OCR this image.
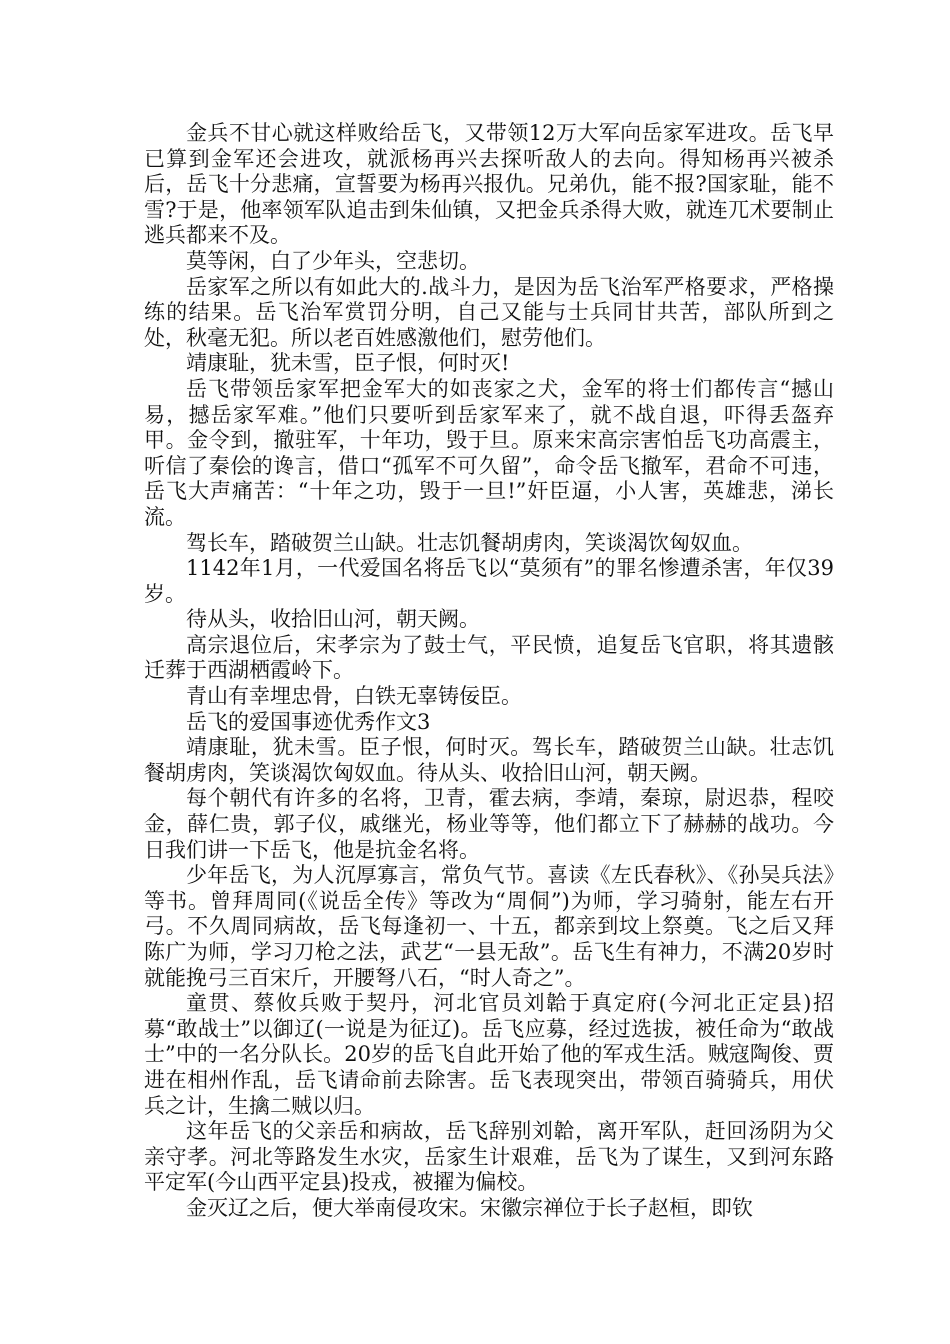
金兵不甘心就这样败给岳飞，又带领12万大军向岳家军进攻。岳飞早已算到金军还会进攻，就派杨再兴去探听敌人的去向。得知杨再兴被杀后，岳飞十分悲痛，宣誓要为杨再兴报仇。兄弟仇，能不报?国家耻，能不雪?于是，他率领军队追击到朱仙镇，又把金兵杀得大败，就连兀术要制止逃兵都来不及。

莫等闲，白了少年头，空悲切。

岳家军之所以有如此大的.战斗力，是因为岳飞治军严格要求，严格操练的结果。岳飞治军赏罚分明，自己又能与士兵同甘共苦，部队所到之处，秋毫无犯。所以老百姓感激他们，慰劳他们。

靖康耻，犹未雪，臣子恨，何时灭!

岳飞带领岳家军把金军大的如丧家之犬，金军的将士们都传言“撼山易，撼岳家军难。”他们只要听到岳家军来了，就不战自退，吓得丢盔弃甲。金令到，撤驻军，十年功，毁于旦。原来宋高宗害怕岳飞功高震主，听信了秦侩的谗言，借口“孤军不可久留”，命令岳飞撤军，君命不可违，岳飞大声痛苦：“十年之功，毁于一旦!”奸臣逼，小人害，英雄悲，涕长流。

驾长车，踏破贺兰山缺。壮志饥餐胡虏肉，笑谈渴饮匈奴血。

1142年1月，一代爱国名将岳飞以“莫须有”的罪名惨遭杀害，年仅39岁。

待从头，收拾旧山河，朝天阙。

高宗退位后，宋孝宗为了鼓士气，平民愤，追复岳飞官职，将其遗骸迁葬于西湖栖霞岭下。

青山有幸埋忠骨，白铁无辜铸佞臣。

岳飞的爱国事迹优秀作文3

靖康耻，犹未雪。臣子恨，何时灭。驾长车，踏破贺兰山缺。壮志饥餐胡虏肉，笑谈渴饮匈奴血。待从头、收拾旧山河，朝天阙。

每个朝代有许多的名将，卫青，霍去病，李靖，秦琼，尉迟恭，程咬金，薛仁贵，郭子仪，戚继光，杨业等等，他们都立下了赫赫的战功。今日我们讲一下岳飞，他是抗金名将。

少年岳飞，为人沉厚寡言，常负气节。喜读《左氏春秋》、《孙吴兵法》等书。曾拜周同(《说岳全传》等改为“周侗”)为师，学习骑射，能左右开弓。不久周同病故，岳飞每逢初一、十五，都亲到坟上祭奠。飞之后又拜陈广为师，学习刀枪之法，武艺“一县无敌”。岳飞生有神力，不满20岁时就能挽弓三百宋斤，开腰弩八石，“时人奇之”。

童贯、蔡攸兵败于契丹，河北官员刘韐于真定府(今河北正定县)招募“敢战士”以御辽(一说是为征辽)。岳飞应募，经过选拔，被任命为“敢战士”中的一名分队长。20岁的岳飞自此开始了他的军戎生活。贼寇陶俊、贾进在相州作乱，岳飞请命前去除害。岳飞表现突出，带领百骑骑兵，用伏兵之计，生擒二贼以归。

这年岳飞的父亲岳和病故，岳飞辞别刘韐，离开军队，赶回汤阴为父亲守孝。河北等路发生水灾，岳家生计艰难，岳飞为了谋生，又到河东路平定军(今山西平定县)投戎，被擢为偏校。

金灭辽之后，便大举南侵攻宋。宋徽宗禅位于长子赵桓，即钦
